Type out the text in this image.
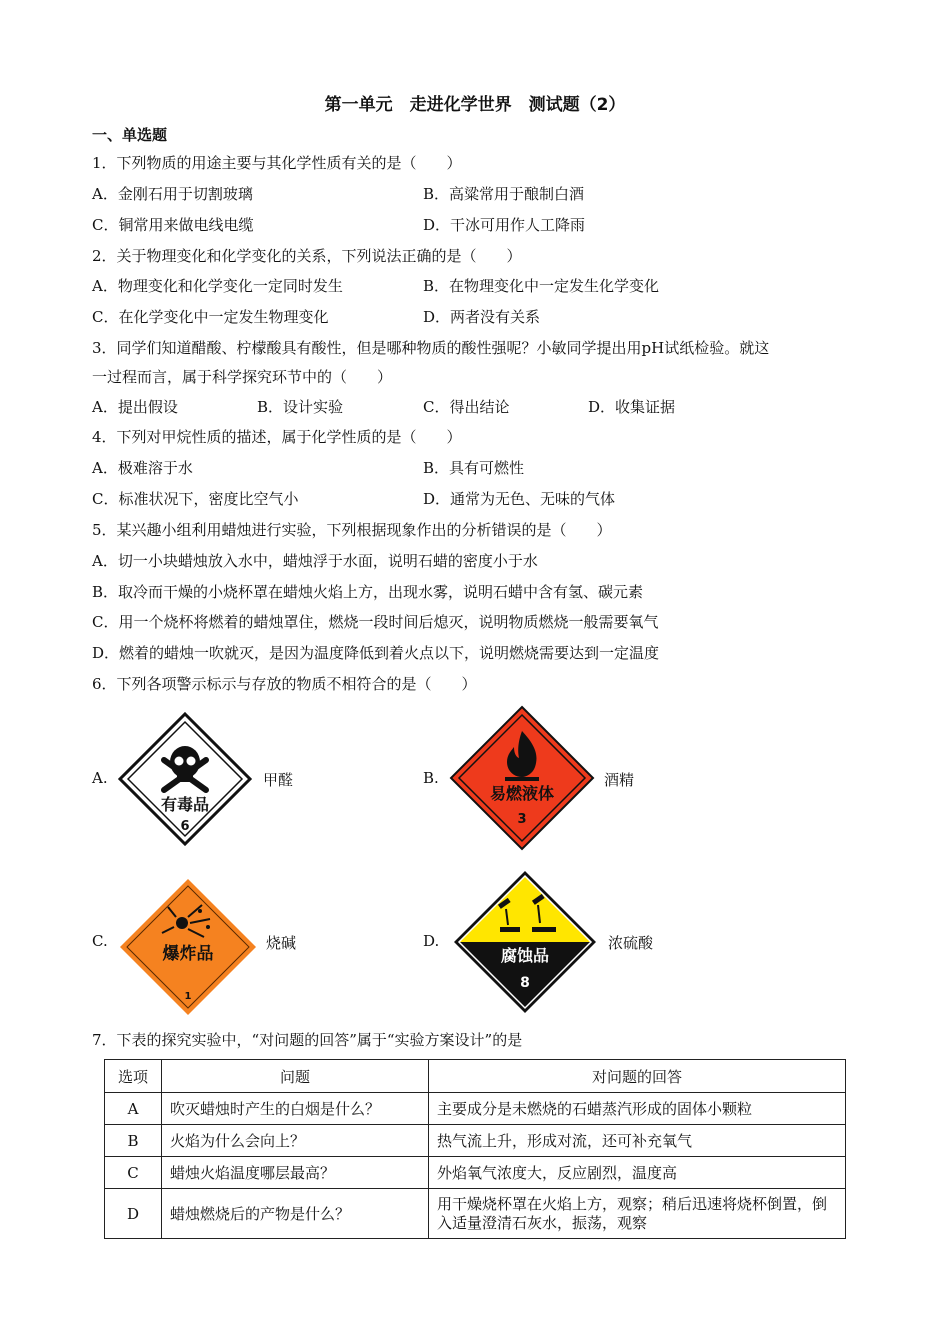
第一单元　走进化学世界　测试题（2）
一、单选题
1．下列物质的用途主要与其化学性质有关的是（　　）
A．金刚石用于切割玻璃	B．高粱常用于酿制白酒
C．铜常用来做电线电缆	D．干冰可用作人工降雨
2．关于物理变化和化学变化的关系，下列说法正确的是（　　）
A．物理变化和化学变化一定同时发生	B．在物理变化中一定发生化学变化
C．在化学变化中一定发生物理变化	D．两者没有关系
3．同学们知道醋酸、柠檬酸具有酸性，但是哪种物质的酸性强呢？小敏同学提出用pH试纸检验。就这
一过程而言，属于科学探究环节中的（　　）
A．提出假设	B．设计实验	C．得出结论	D．收集证据
4．下列对甲烷性质的描述，属于化学性质的是（　　）
A．极难溶于水	B．具有可燃性
C．标准状况下，密度比空气小	D．通常为无色、无味的气体
5．某兴趣小组利用蜡烛进行实验，下列根据现象作出的分析错误的是（　　）
A．切一小块蜡烛放入水中，蜡烛浮于水面，说明石蜡的密度小于水
B．取冷而干燥的小烧杯罩在蜡烛火焰上方，出现水雾，说明石蜡中含有氢、碳元素
C．用一个烧杯将燃着的蜡烛罩住，燃烧一段时间后熄灭，说明物质燃烧一般需要氧气
D．燃着的蜡烛一吹就灭，是因为温度降低到着火点以下，说明燃烧需要达到一定温度
6．下列各项警示标示与存放的物质不相符合的是（　　）
A.
有毒品
6
甲醛	B.
易燃液体
3
酒精
C.
爆炸品
1
烧碱	D.
腐蚀品
8
浓硫酸
7．下表的探究实验中，“对问题的回答”属于“实验方案设计”的是
选项	问题	对问题的回答
A	吹灭蜡烛时产生的白烟是什么？	主要成分是未燃烧的石蜡蒸汽形成的固体小颗粒
B	火焰为什么会向上？	热气流上升，形成对流，还可补充氧气
C	蜡烛火焰温度哪层最高？	外焰氧气浓度大，反应剧烈，温度高
D	蜡烛燃烧后的产物是什么？	用干燥烧杯罩在火焰上方，观察；稍后迅速将烧杯倒置，倒入适量澄清石灰水，振荡，观察
